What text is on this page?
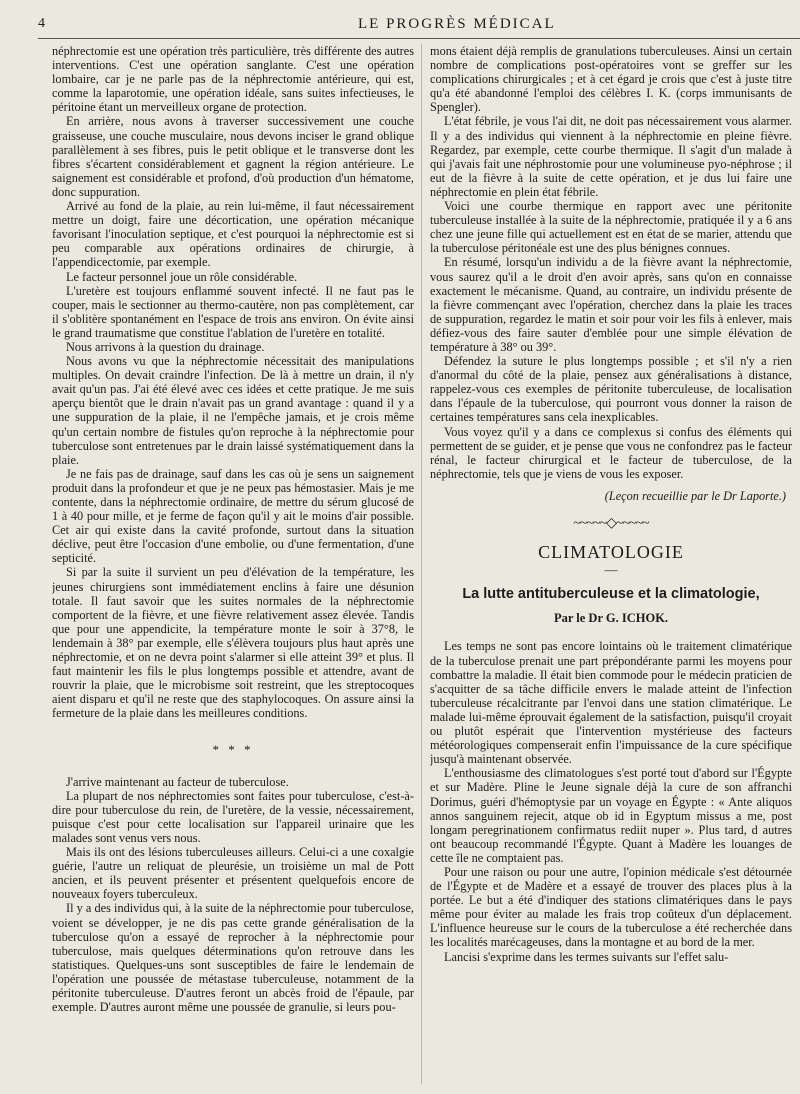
4	LE PROGRÈS MÉDICAL

néphrectomie est une opération très particulière, très différente des autres interventions. C'est une opération sanglante. C'est une opération lombaire, car je ne parle pas de la néphrectomie antérieure, qui est, comme la laparotomie, une opération idéale, sans suites infectieuses, le péritoine étant un merveilleux organe de protection.

En arrière, nous avons à traverser successivement une couche graisseuse, une couche musculaire, nous devons inciser le grand oblique parallèlement à ses fibres, puis le petit oblique et le transverse dont les fibres s'écartent considérablement et gagnent la région antérieure. Le saignement est considérable et profond, d'où production d'un hématome, donc suppuration.

Arrivé au fond de la plaie, au rein lui-même, il faut nécessairement mettre un doigt, faire une décortication, une opération mécanique favorisant l'inoculation septique, et c'est pourquoi la néphrectomie est si peu comparable aux opérations ordinaires de chirurgie, à l'appendicectomie, par exemple.

Le facteur personnel joue un rôle considérable.

L'uretère est toujours enflammé souvent infecté. Il ne faut pas le couper, mais le sectionner au thermo-cautère, non pas complètement, car il s'oblitère spontanément en l'espace de trois ans environ. On évite ainsi le grand traumatisme que constitue l'ablation de l'uretère en totalité.

Nous arrivons à la question du drainage.

Nous avons vu que la néphrectomie nécessitait des manipulations multiples. On devait craindre l'infection. De là à mettre un drain, il n'y avait qu'un pas. J'ai été élevé avec ces idées et cette pratique. Je me suis aperçu bientôt que le drain n'avait pas un grand avantage : quand il y a une suppuration de la plaie, il ne l'empêche jamais, et je crois même qu'un certain nombre de fistules qu'on reproche à la néphrectomie pour tuberculose sont entretenues par le drain laissé systématiquement dans la plaie.

Je ne fais pas de drainage, sauf dans les cas où je sens un saignement produit dans la profondeur et que je ne peux pas hémostasier. Mais je me contente, dans la néphrectomie ordinaire, de mettre du sérum glucosé de 1 à 40 pour mille, et je ferme de façon qu'il y ait le moins d'air possible. Cet air qui existe dans la cavité profonde, surtout dans la situation déclive, peut être l'occasion d'une embolie, ou d'une fermentation, d'une septicité.

Si par la suite il survient un peu d'élévation de la température, les jeunes chirurgiens sont immédiatement enclins à faire une désunion totale. Il faut savoir que les suites normales de la néphrectomie comportent de la fièvre, et une fièvre relativement assez élevée. Tandis que pour une appendicite, la température monte le soir à 37°8, le lendemain à 38° par exemple, elle s'élèvera toujours plus haut après une néphrectomie, et on ne devra point s'alarmer si elle atteint 39° et plus. Il faut maintenir les fils le plus longtemps possible et attendre, avant de rouvrir la plaie, que le microbisme soit restreint, que les streptocoques aient disparu et qu'il ne reste que des staphylocoques. On assure ainsi la fermeture de la plaie dans les meilleures conditions.

* * *

J'arrive maintenant au facteur de tuberculose.

La plupart de nos néphrectomies sont faites pour tuberculose, c'est-à-dire pour tuberculose du rein, de l'uretère, de la vessie, nécessairement, puisque c'est pour cette localisation sur l'appareil urinaire que les malades sont venus vers nous.

Mais ils ont des lésions tuberculeuses ailleurs. Celui-ci a une coxalgie guérie, l'autre un reliquat de pleurésie, un troisième un mal de Pott ancien, et ils peuvent présenter et présentent quelquefois encore de nouveaux foyers tuberculeux.

Il y a des individus qui, à la suite de la néphrectomie pour tuberculose, voient se développer, je ne dis pas cette grande généralisation de la tuberculose qu'on a essayé de reprocher à la néphrectomie pour tuberculose, mais quelques déterminations qu'on retrouve dans les statistiques. Quelques-uns sont susceptibles de faire le lendemain de l'opération une poussée de métastase tuberculeuse, notamment de la péritonite tuberculeuse. D'autres feront un abcès froid de l'épaule, par exemple. D'autres auront même une poussée de granulie, si leurs pou-

mons étaient déjà remplis de granulations tuberculeuses. Ainsi un certain nombre de complications post-opératoires vont se greffer sur les complications chirurgicales ; et à cet égard je crois que c'est à juste titre qu'a été abandonné l'emploi des célèbres I. K. (corps immunisants de Spengler).

L'état fébrile, je vous l'ai dit, ne doit pas nécessairement vous alarmer. Il y a des individus qui viennent à la néphrectomie en pleine fièvre. Regardez, par exemple, cette courbe thermique. Il s'agit d'un malade à qui j'avais fait une néphrostomie pour une volumineuse pyo-néphrose ; il eut de la fièvre à la suite de cette opération, et je dus lui faire une néphrectomie en plein état fébrile.

Voici une courbe thermique en rapport avec une péritonite tuberculeuse installée à la suite de la néphrectomie, pratiquée il y a 6 ans chez une jeune fille qui actuellement est en état de se marier, attendu que la tuberculose péritonéale est une des plus bénignes connues.

En résumé, lorsqu'un individu a de la fièvre avant la néphrectomie, vous saurez qu'il a le droit d'en avoir après, sans qu'on en connaisse exactement le mécanisme. Quand, au contraire, un individu présente de la fièvre commençant avec l'opération, cherchez dans la plaie les traces de suppuration, regardez le matin et soir pour voir les fils à enlever, mais défiez-vous des faire sauter d'emblée pour une simple élévation de température à 38° ou 39°.

Défendez la suture le plus longtemps possible ; et s'il n'y a rien d'anormal du côté de la plaie, pensez aux généralisations à distance, rappelez-vous ces exemples de péritonite tuberculeuse, de localisation dans l'épaule de la tuberculose, qui pourront vous donner la raison de certaines températures sans cela inexplicables.

Vous voyez qu'il y a dans ce complexus si confus des éléments qui permettent de se guider, et je pense que vous ne confondrez pas le facteur rénal, le facteur chirurgical et le facteur de tuberculose, de la néphrectomie, tels que je viens de vous les exposer.

(Leçon recueillie par le Dr Laporte.)
~~~~~◇~~~~~
CLIMATOLOGIE
—
La lutte antituberculeuse et la climatologie,
Par le Dr G. ICHOK.

Les temps ne sont pas encore lointains où le traitement climatérique de la tuberculose prenait une part prépondérante parmi les moyens pour combattre la maladie. Il était bien commode pour le médecin praticien de s'acquitter de sa tâche difficile envers le malade atteint de l'infection tuberculeuse récalcitrante par l'envoi dans une station climatérique. Le malade lui-même éprouvait également de la satisfaction, puisqu'il croyait ou plutôt espérait que l'intervention mystérieuse des facteurs météorologiques compenserait enfin l'impuissance de la cure spécifique jusqu'à maintenant observée.

L'enthousiasme des climatologues s'est porté tout d'abord sur l'Égypte et sur Madère. Pline le Jeune signale déjà la cure de son affranchi Dorimus, guéri d'hémoptysie par un voyage en Égypte : « Ante aliquos annos sanguinem rejecit, atque ob id in Egyptum missus a me, post longam peregrinationem confirmatus rediit nuper ». Plus tard, d autres ont beaucoup recommandé l'Égypte. Quant à Madère les louanges de cette île ne comptaient pas.

Pour une raison ou pour une autre, l'opinion médicale s'est détournée de l'Égypte et de Madère et a essayé de trouver des places plus à la portée. Le but a été d'indiquer des stations climatériques dans le pays même pour éviter au malade les frais trop coûteux d'un déplacement. L'influence heureuse sur le cours de la tuberculose a été recherchée dans les localités marécageuses, dans la montagne et au bord de la mer.

Lancisi s'exprime dans les termes suivants sur l'effet salu-
